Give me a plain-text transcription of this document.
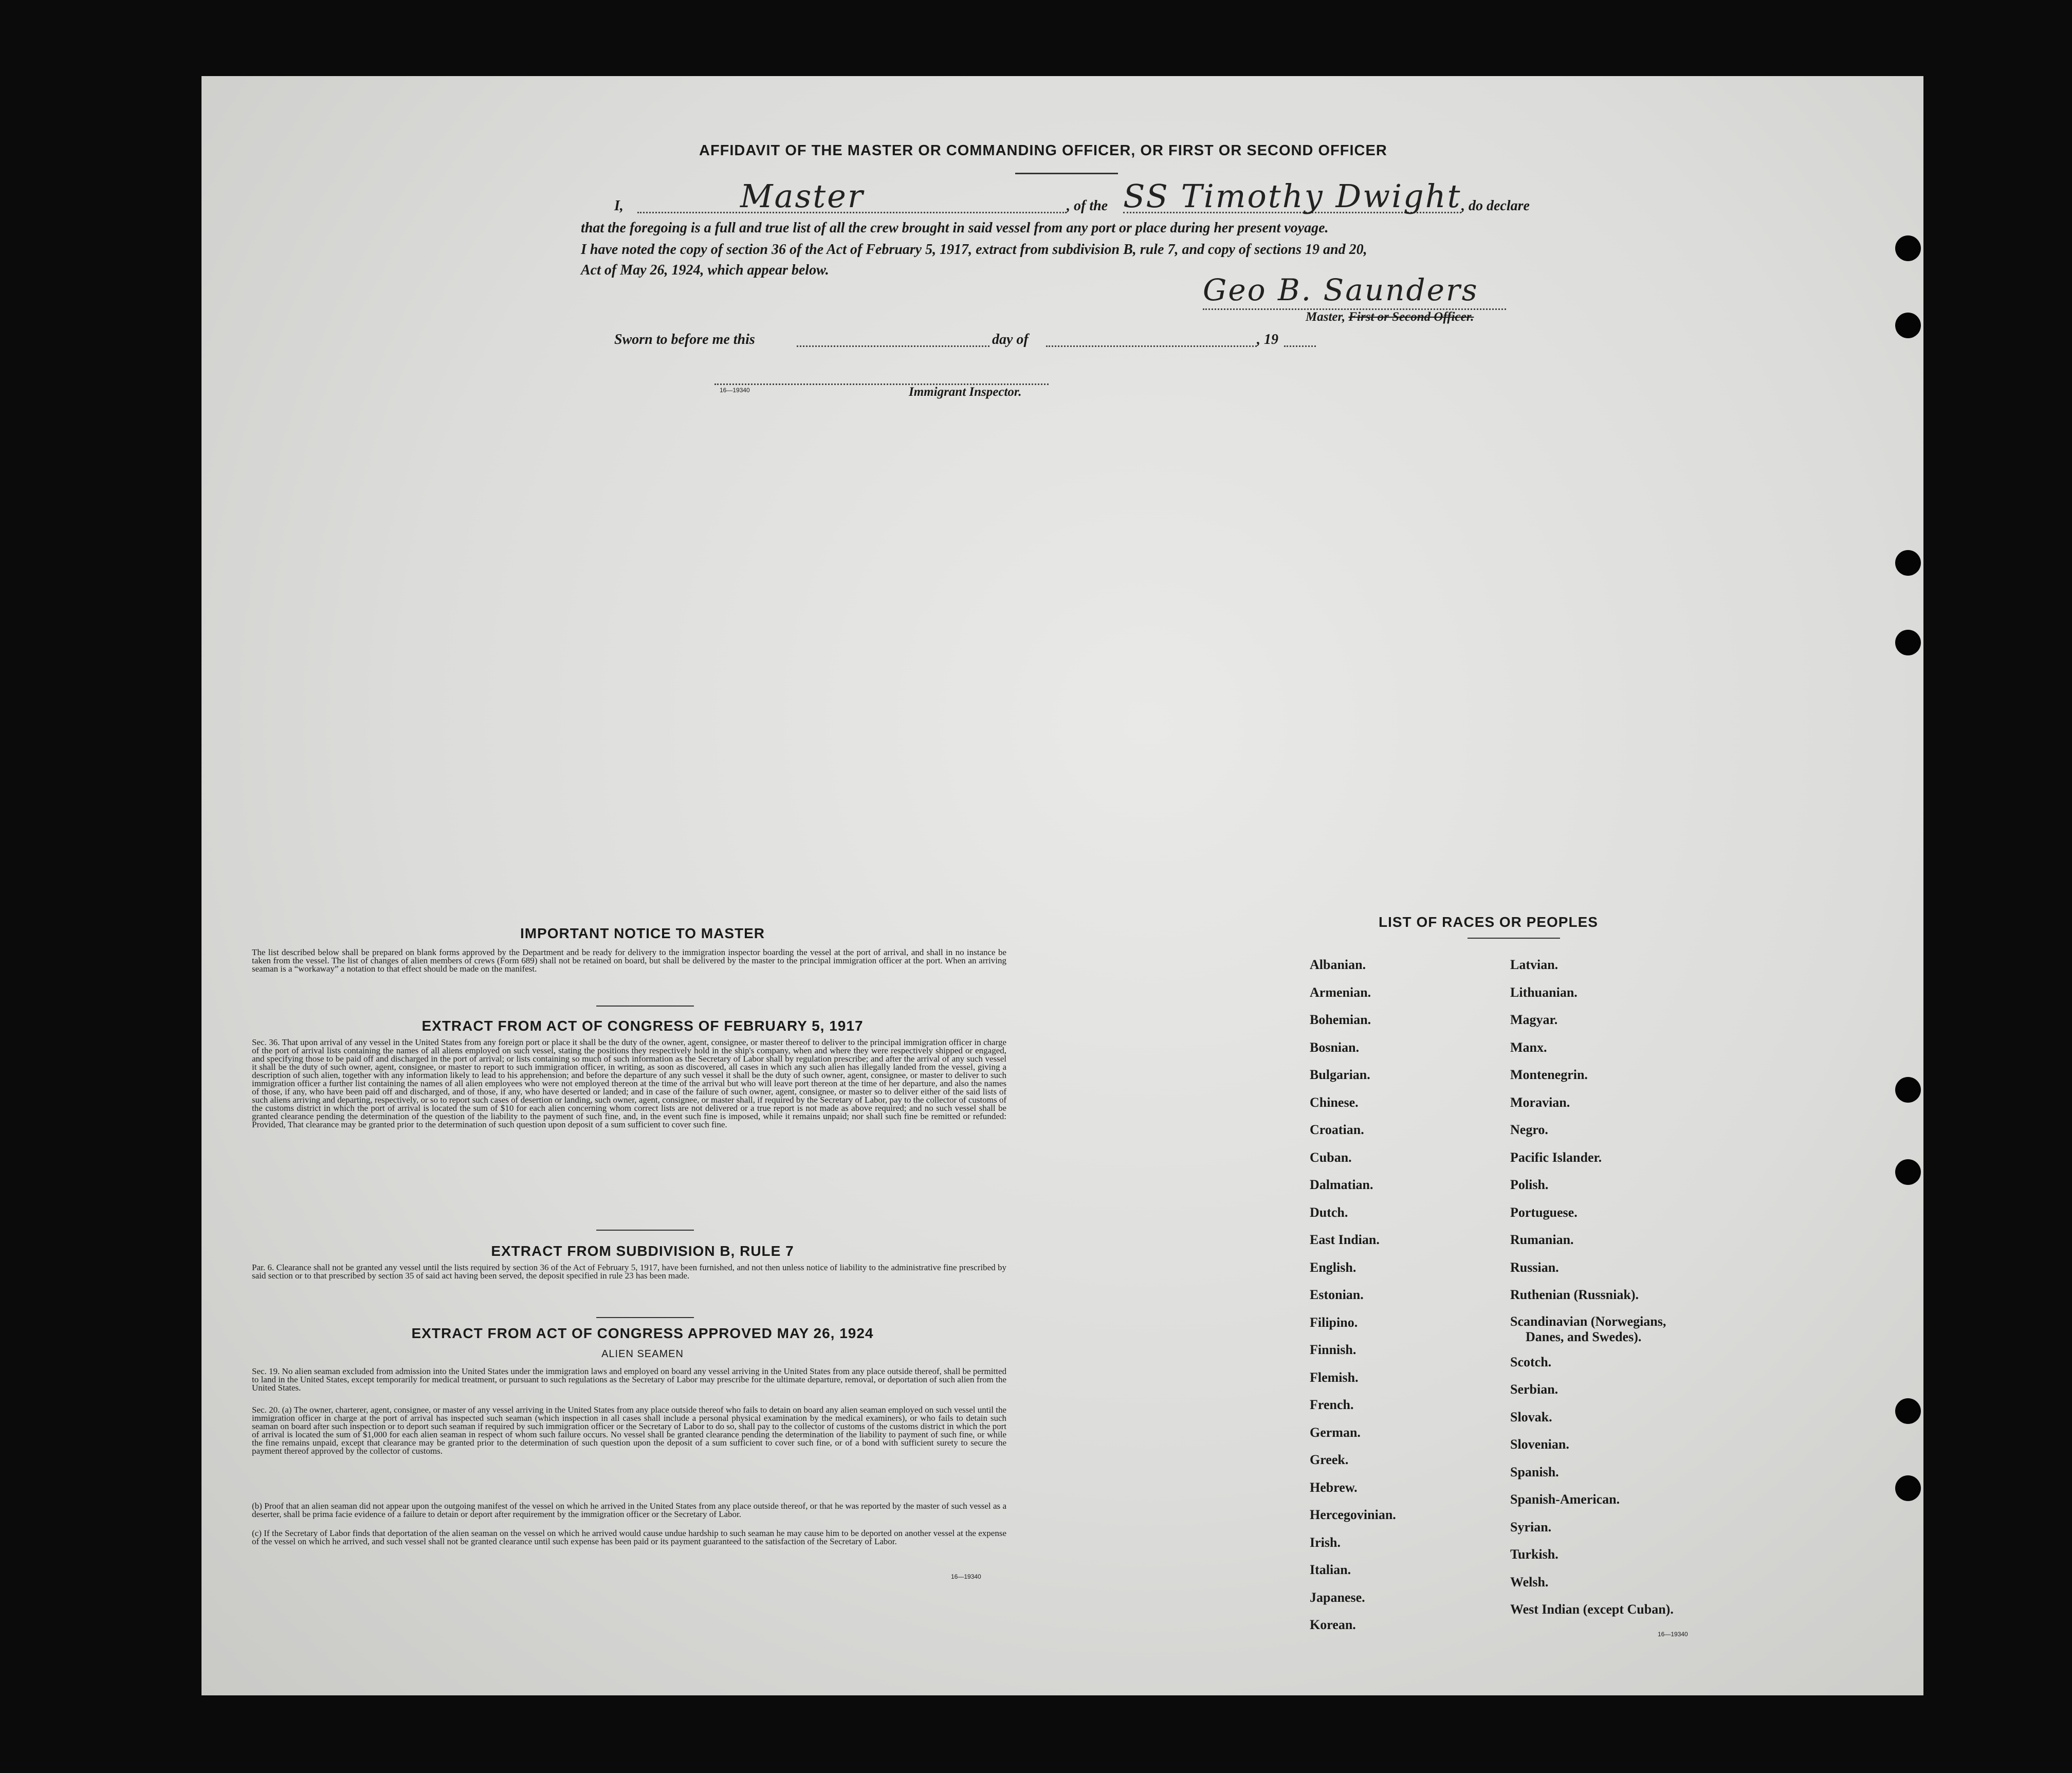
AFFIDAVIT OF THE MASTER OR COMMANDING OFFICER, OR FIRST OR SECOND OFFICER
I,	Master	, of the SS Timothy Dwight , do declare
that the foregoing is a full and true list of all the crew brought in said vessel from any port or place during her present voyage.
I have noted the copy of section 36 of the Act of February 5, 1917, extract from subdivision B, rule 7, and copy of sections 19 and 20,
Act of May 26, 1924, which appear below.
Geo B. Saunders
Master, First or Second Officer.
Sworn to before me this	day of	, 19
16—19340	Immigrant Inspector.
IMPORTANT NOTICE TO MASTER
The list described below shall be prepared on blank forms approved by the Department and be ready for delivery to the immigration inspector boarding the vessel at the port of arrival, and shall in no instance be taken from the vessel. The list of changes of alien members of crews (Form 689) shall not be retained on board, but shall be delivered by the master to the principal immigration officer at the port. When an arriving seaman is a “workaway” a notation to that effect should be made on the manifest.
EXTRACT FROM ACT OF CONGRESS OF FEBRUARY 5, 1917
Sec. 36. That upon arrival of any vessel in the United States from any foreign port or place it shall be the duty of the owner, agent, consignee, or master thereof to deliver to the principal immigration officer in charge of the port of arrival lists containing the names of all aliens employed on such vessel, stating the positions they respectively hold in the ship's company, when and where they were respectively shipped or engaged, and specifying those to be paid off and discharged in the port of arrival; or lists containing so much of such information as the Secretary of Labor shall by regulation prescribe; and after the arrival of any such vessel it shall be the duty of such owner, agent, consignee, or master to report to such immigration officer, in writing, as soon as discovered, all cases in which any such alien has illegally landed from the vessel, giving a description of such alien, together with any information likely to lead to his apprehension; and before the departure of any such vessel it shall be the duty of such owner, agent, consignee, or master to deliver to such immigration officer a further list containing the names of all alien employees who were not employed thereon at the time of the arrival but who will leave port thereon at the time of her departure, and also the names of those, if any, who have been paid off and discharged, and of those, if any, who have deserted or landed; and in case of the failure of such owner, agent, consignee, or master so to deliver either of the said lists of such aliens arriving and departing, respectively, or so to report such cases of desertion or landing, such owner, agent, consignee, or master shall, if required by the Secretary of Labor, pay to the collector of customs of the customs district in which the port of arrival is located the sum of $10 for each alien concerning whom correct lists are not delivered or a true report is not made as above required; and no such vessel shall be granted clearance pending the determination of the question of the liability to the payment of such fine, and, in the event such fine is imposed, while it remains unpaid; nor shall such fine be remitted or refunded: Provided, That clearance may be granted prior to the determination of such question upon deposit of a sum sufficient to cover such fine.
EXTRACT FROM SUBDIVISION B, RULE 7
Par. 6. Clearance shall not be granted any vessel until the lists required by section 36 of the Act of February 5, 1917, have been furnished, and not then unless notice of liability to the administrative fine prescribed by said section or to that prescribed by section 35 of said act having been served, the deposit specified in rule 23 has been made.
EXTRACT FROM ACT OF CONGRESS APPROVED MAY 26, 1924
ALIEN SEAMEN
Sec. 19. No alien seaman excluded from admission into the United States under the immigration laws and employed on board any vessel arriving in the United States from any place outside thereof, shall be permitted to land in the United States, except temporarily for medical treatment, or pursuant to such regulations as the Secretary of Labor may prescribe for the ultimate departure, removal, or deportation of such alien from the United States.
Sec. 20. (a) The owner, charterer, agent, consignee, or master of any vessel arriving in the United States from any place outside thereof who fails to detain on board any alien seaman employed on such vessel until the immigration officer in charge at the port of arrival has inspected such seaman (which inspection in all cases shall include a personal physical examination by the medical examiners), or who fails to detain such seaman on board after such inspection or to deport such seaman if required by such immigration officer or the Secretary of Labor to do so, shall pay to the collector of customs of the customs district in which the port of arrival is located the sum of $1,000 for each alien seaman in respect of whom such failure occurs. No vessel shall be granted clearance pending the determination of the liability to payment of such fine, or while the fine remains unpaid, except that clearance may be granted prior to the determination of such question upon the deposit of a sum sufficient to cover such fine, or of a bond with sufficient surety to secure the payment thereof approved by the collector of customs.
(b) Proof that an alien seaman did not appear upon the outgoing manifest of the vessel on which he arrived in the United States from any place outside thereof, or that he was reported by the master of such vessel as a deserter, shall be prima facie evidence of a failure to detain or deport after requirement by the immigration officer or the Secretary of Labor.
(c) If the Secretary of Labor finds that deportation of the alien seaman on the vessel on which he arrived would cause undue hardship to such seaman he may cause him to be deported on another vessel at the expense of the vessel on which he arrived, and such vessel shall not be granted clearance until such expense has been paid or its payment guaranteed to the satisfaction of the Secretary of Labor.
16—19340
LIST OF RACES OR PEOPLES
Albanian.
Armenian.
Bohemian.
Bosnian.
Bulgarian.
Chinese.
Croatian.
Cuban.
Dalmatian.
Dutch.
East Indian.
English.
Estonian.
Filipino.
Finnish.
Flemish.
French.
German.
Greek.
Hebrew.
Hercegovinian.
Irish.
Italian.
Japanese.
Korean.
Latvian.
Lithuanian.
Magyar.
Manx.
Montenegrin.
Moravian.
Negro.
Pacific Islander.
Polish.
Portuguese.
Rumanian.
Russian.
Ruthenian (Russniak).
Scandinavian (Norwegians,
Danes, and Swedes).
Scotch.
Serbian.
Slovak.
Slovenian.
Spanish.
Spanish-American.
Syrian.
Turkish.
Welsh.
West Indian (except Cuban).
16—19340
